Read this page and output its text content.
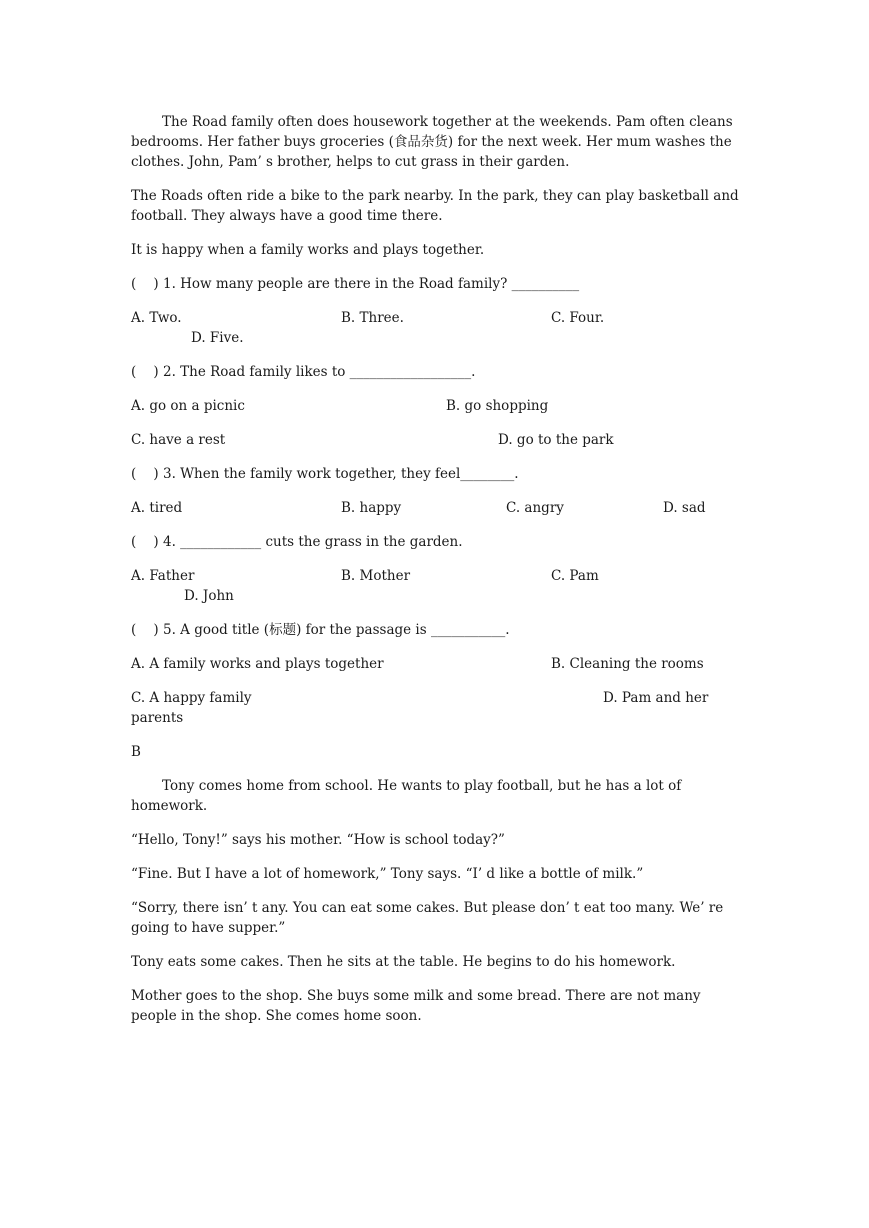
The Road family often does housework together at the weekends. Pam often cleans bedrooms. Her father buys groceries (食品杂货) for the next week. Her mum washes the clothes. John, Pam’ s brother, helps to cut grass in their garden.

The Roads often ride a bike to the park nearby. In the park, they can play basketball and football. They always have a good time there.

It is happy when a family works and plays together.

(    ) 1. How many people are there in the Road family? __________

A. Two.	B. Three.	C. Four.
D. Five.

(    ) 2. The Road family likes to __________________.

A. go on a picnic	B. go shopping
C. have a rest	D. go to the park

(    ) 3. When the family work together, they feel________.

A. tired	B. happy	C. angry	D. sad

(    ) 4. ____________ cuts the grass in the garden.

A. Father	B. Mother	C. Pam
D. John

(    ) 5. A good title (标题) for the passage is ___________.

A. A family works and plays together	B. Cleaning the rooms
C. A happy family	D. Pam and her
parents

B

Tony comes home from school. He wants to play football, but he has a lot of homework.

“Hello, Tony!” says his mother. “How is school today?”

“Fine. But I have a lot of homework,” Tony says. “I’ d like a bottle of milk.”

“Sorry, there isn’ t any. You can eat some cakes. But please don’ t eat too many. We’ re going to have supper.”

Tony eats some cakes. Then he sits at the table. He begins to do his homework.

Mother goes to the shop. She buys some milk and some bread. There are not many people in the shop. She comes home soon.
